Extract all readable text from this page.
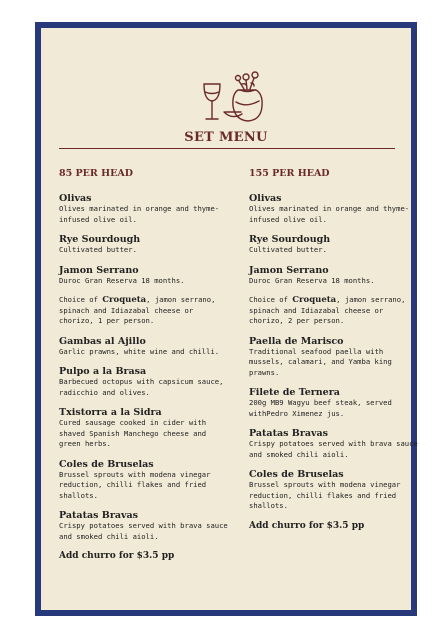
SET MENU
85 PER HEAD
Olivas
Olives marinated in orange and thyme-infused olive oil.
Rye Sourdough
Cultivated butter.
Jamon Serrano
Duroc Gran Reserva 18 months.
Choice of Croqueta, jamon serrano, spinach and Idiazabal cheese or chorizo, 1 per person.
Gambas al Ajillo
Garlic prawns, white wine and chilli.
Pulpo a la Brasa
Barbecued octopus with capsicum sauce, radicchio and olives.
Txistorra a la Sidra
Cured sausage cooked in cider with shaved Spanish Manchego cheese and green herbs.
Coles de Bruselas
Brussel sprouts with modena vinegar reduction, chilli flakes and fried shallots.
Patatas Bravas
Crispy potatoes served with brava sauce and smoked chili aioli.
Add churro for $3.5 pp
155 PER HEAD
Olivas
Olives marinated in orange and thyme-infused olive oil.
Rye Sourdough
Cultivated butter.
Jamon Serrano
Duroc Gran Reserva 18 months.
Choice of Croqueta, jamon serrano, spinach and Idiazabal cheese or chorizo, 2 per person.
Paella de Marisco
Traditional seafood paella with mussels, calamari, and Yamba king prawns.
Filete de Ternera
200g MB9 Wagyu beef steak, served withPedro Ximenez jus.
Patatas Bravas
Crispy potatoes served with brava sauce and smoked chili aioli.
Coles de Bruselas
Brussel sprouts with modena vinegar reduction, chilli flakes and fried shallots.
Add churro for $3.5 pp
